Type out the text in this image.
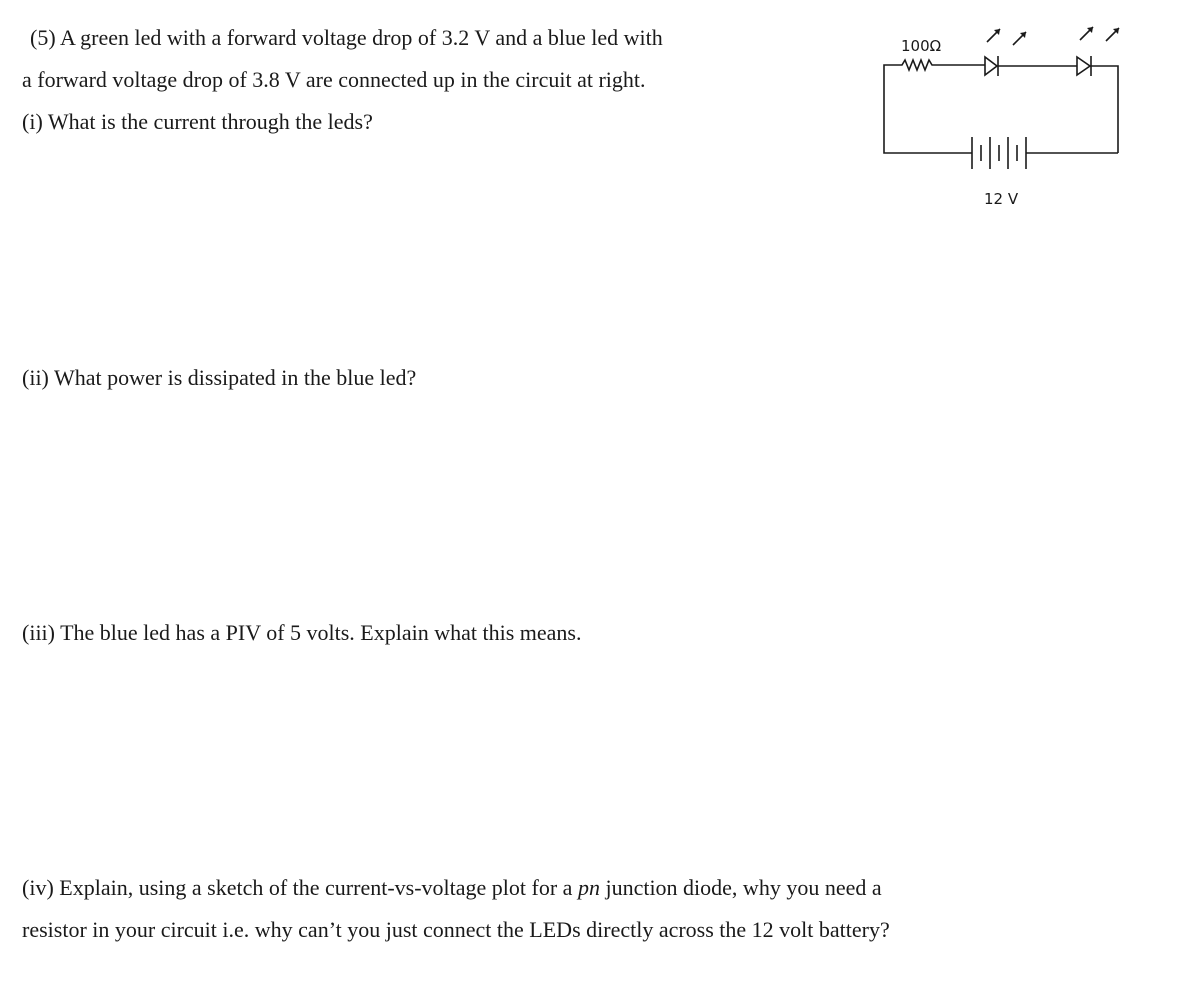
(5) A green led with a forward voltage drop of 3.2 V and a blue led with
a forward voltage drop of 3.8 V are connected up in the circuit at right.
(i) What is the current through the leds?
(ii) What power is dissipated in the blue led?
(iii) The blue led has a PIV of 5 volts. Explain what this means.
(iv) Explain, using a sketch of the current-vs-voltage plot for a pn junction diode, why you need a
resistor in your circuit i.e. why can’t you just connect the LEDs directly across the 12 volt battery?
100Ω
12 V
